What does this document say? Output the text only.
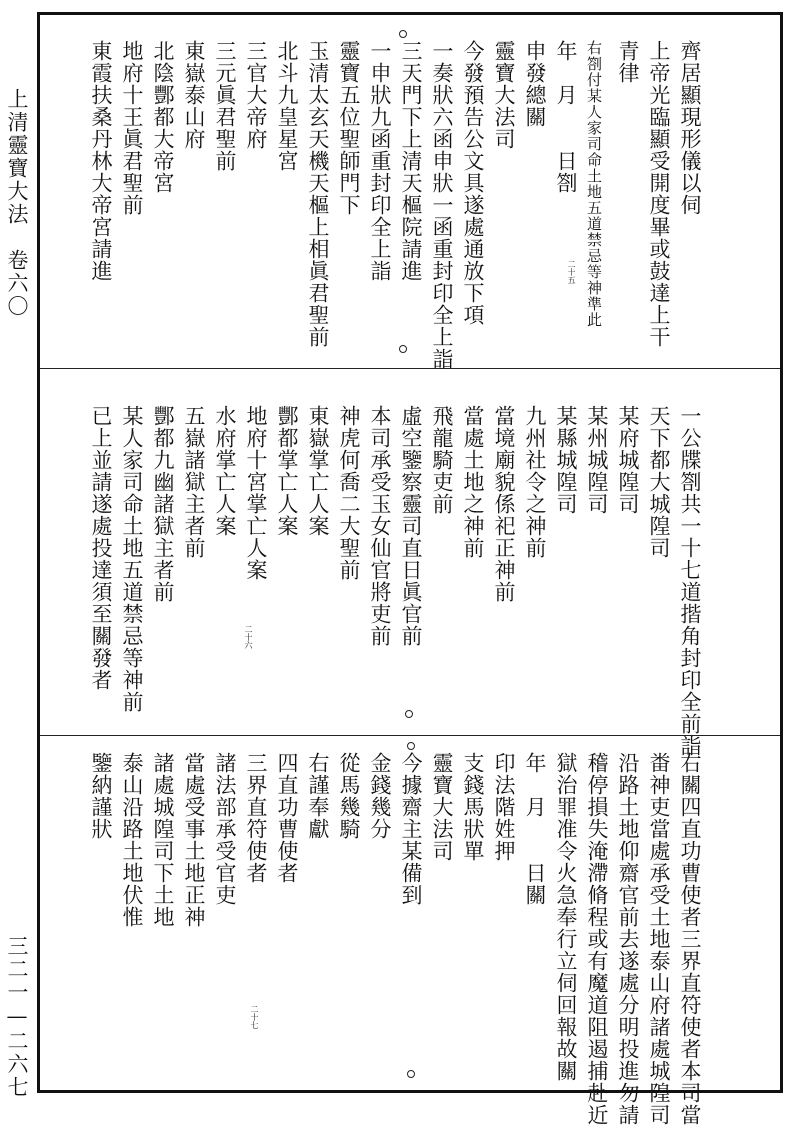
上清靈寶大法　卷六〇
三二一—二六七
齊居顯現形儀以伺
上帝光臨顯受開度畢或鼓達上干
青律
右劄付某人家司命土地五道禁忌等神準此
年　月　　日劄
申發總關
靈寶大法司
今發預告公文具遂處通放下項
一奏狀六函申狀一函重封印全上詣
三天門下上清天樞院請進
一申狀九函重封印全上詣
靈寶五位聖師門下
玉清太玄天機天樞上相眞君聖前
北斗九皇星宮
三官大帝府
三元眞君聖前
東嶽泰山府
北陰酆都大帝宮
地府十王眞君聖前
東霞扶桑丹林大帝宮請進	二十五
一公牒劄共一十七道揩角封印全前詣
天下都大城隍司
某府城隍司
某州城隍司
某縣城隍司
九州社令之神前
當境廟貌係祀正神前
當處土地之神前
飛龍騎吏前
虛空鑒察靈司直日眞官前
本司承受玉女仙官將吏前
神虎何喬二大聖前
東嶽掌亡人案
酆都掌亡人案
地府十宮掌亡人案
水府掌亡人案
五嶽諸獄主者前
酆都九幽諸獄主者前
某人家司命土地五道禁忌等神前
已上並請遂處投達須至關發者	二十六
右關四直功曹使者三界直符使者本司當
畨神吏當處承受土地泰山府諸處城隍司
沿路土地仰齋官前去遂處分明投進勿請
稽停損失淹滯脩程或有魔道阻遏捕赴近
獄治罪准令火急奉行立伺回報故關
年　月　　日關
印法階姓押
支錢馬狀單
靈寶大法司
今據齋主某備到
金錢幾分
從馬幾騎
右謹奉獻
四直功曹使者
三界直符使者
諸法部承受官吏
當處受事土地正神
諸處城隍司下土地
泰山沿路土地伏惟
鑒納謹狀
二十七
